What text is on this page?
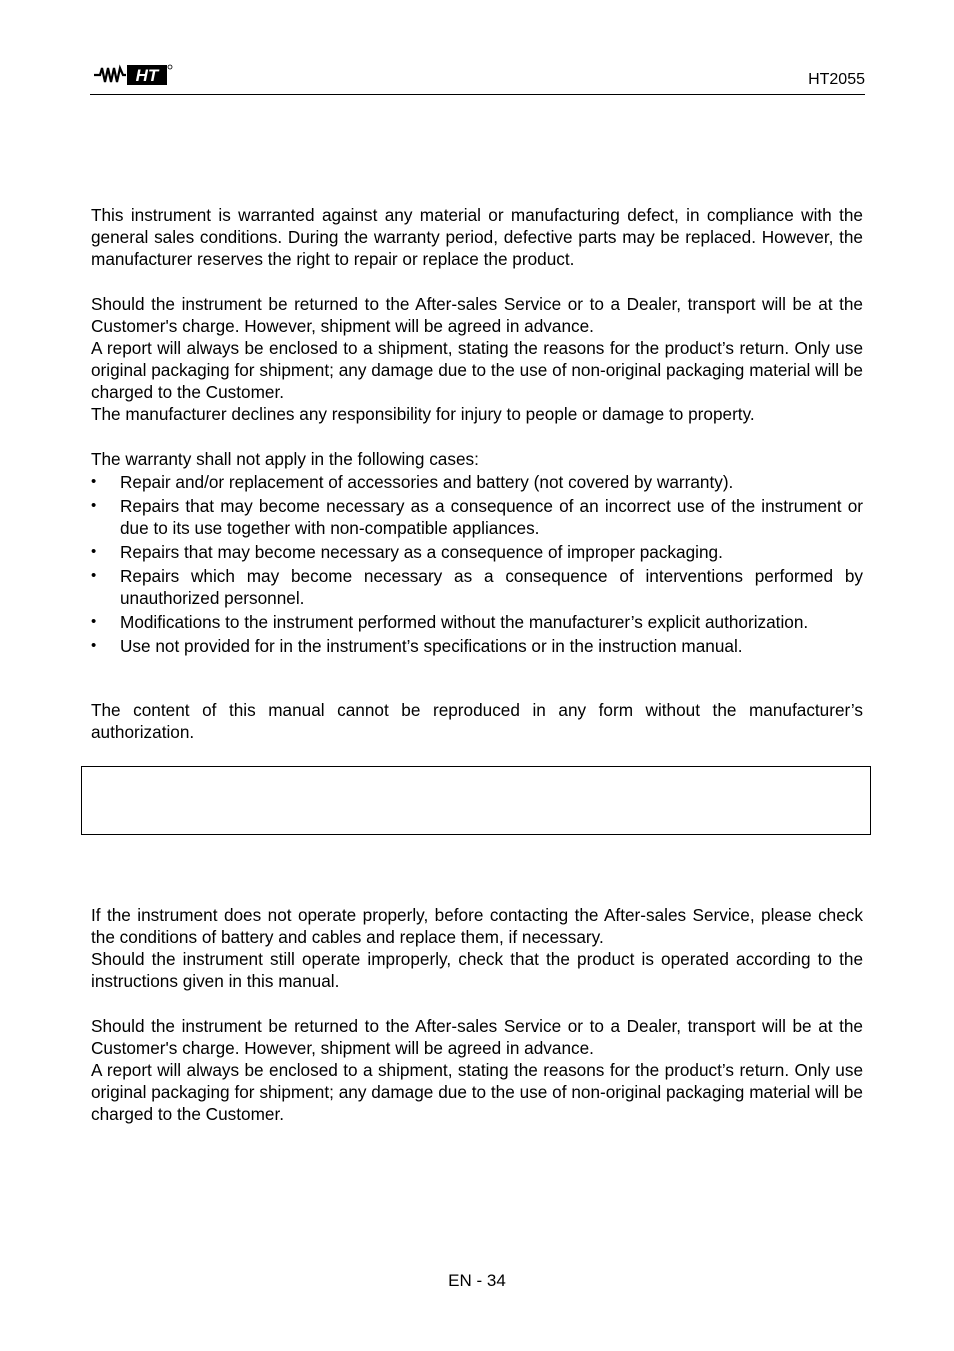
HT	HT2055

This instrument is warranted against any material or manufacturing defect, in compliance with the general sales conditions. During the warranty period, defective parts may be replaced. However, the manufacturer reserves the right to repair or replace the product.

Should the instrument be returned to the After-sales Service or to a Dealer, transport will be at the Customer's charge. However, shipment will be agreed in advance.

A report will always be enclosed to a shipment, stating the reasons for the product’s return. Only use original packaging for shipment; any damage due to the use of non-original packaging material will be charged to the Customer.

The manufacturer declines any responsibility for injury to people or damage to property.

The warranty shall not apply in the following cases:

• Repair and/or replacement of accessories and battery (not covered by warranty).
• Repairs that may become necessary as a consequence of an incorrect use of the instrument or due to its use together with non-compatible appliances.
• Repairs that may become necessary as a consequence of improper packaging.
• Repairs which may become necessary as a consequence of interventions performed by unauthorized personnel.
• Modifications to the instrument performed without the manufacturer’s explicit authorization.
• Use not provided for in the instrument’s specifications or in the instruction manual.

The content of this manual cannot be reproduced in any form without the manufacturer’s authorization.

If the instrument does not operate properly, before contacting the After-sales Service, please check the conditions of battery and cables and replace them, if necessary.

Should the instrument still operate improperly, check that the product is operated according to the instructions given in this manual.

Should the instrument be returned to the After-sales Service or to a Dealer, transport will be at the Customer's charge. However, shipment will be agreed in advance.

A report will always be enclosed to a shipment, stating the reasons for the product’s return. Only use original packaging for shipment; any damage due to the use of non-original packaging material will be charged to the Customer.

EN - 34
